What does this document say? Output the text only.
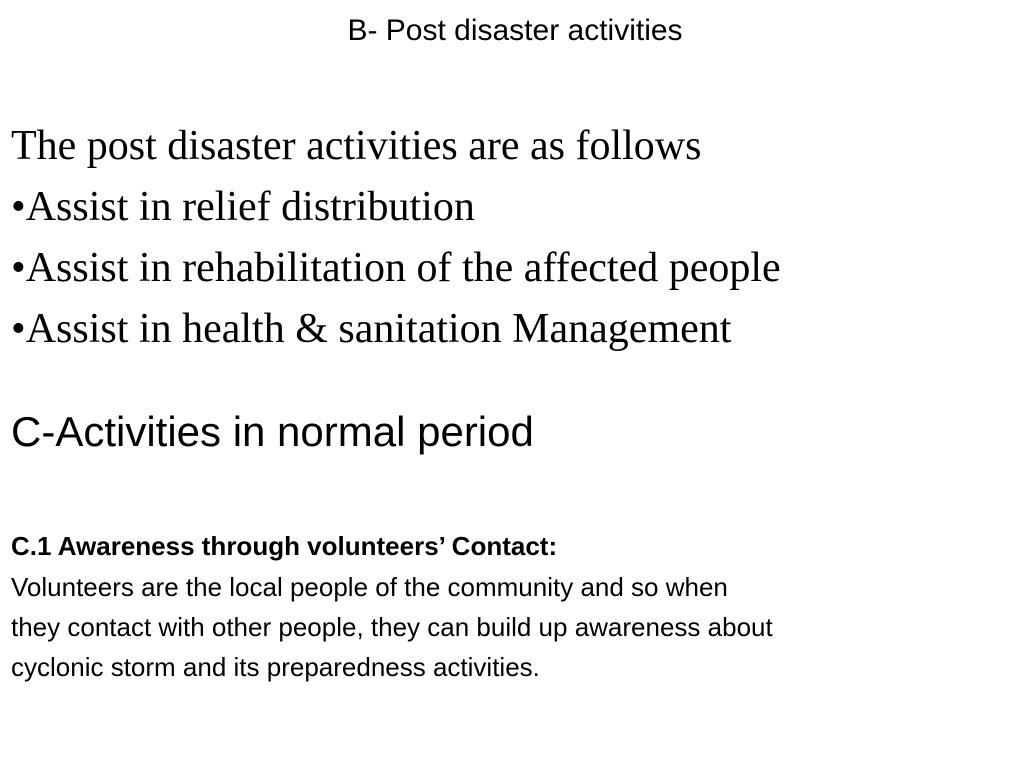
B- Post disaster activities
The post disaster activities are as follows
•Assist in relief distribution
•Assist in rehabilitation of the affected people
•Assist in health & sanitation Management
C-Activities in normal period
C.1 Awareness through volunteers’ Contact:
Volunteers are the local people of the community and so when
they contact with other people, they can build up awareness about
cyclonic storm and its preparedness activities.
